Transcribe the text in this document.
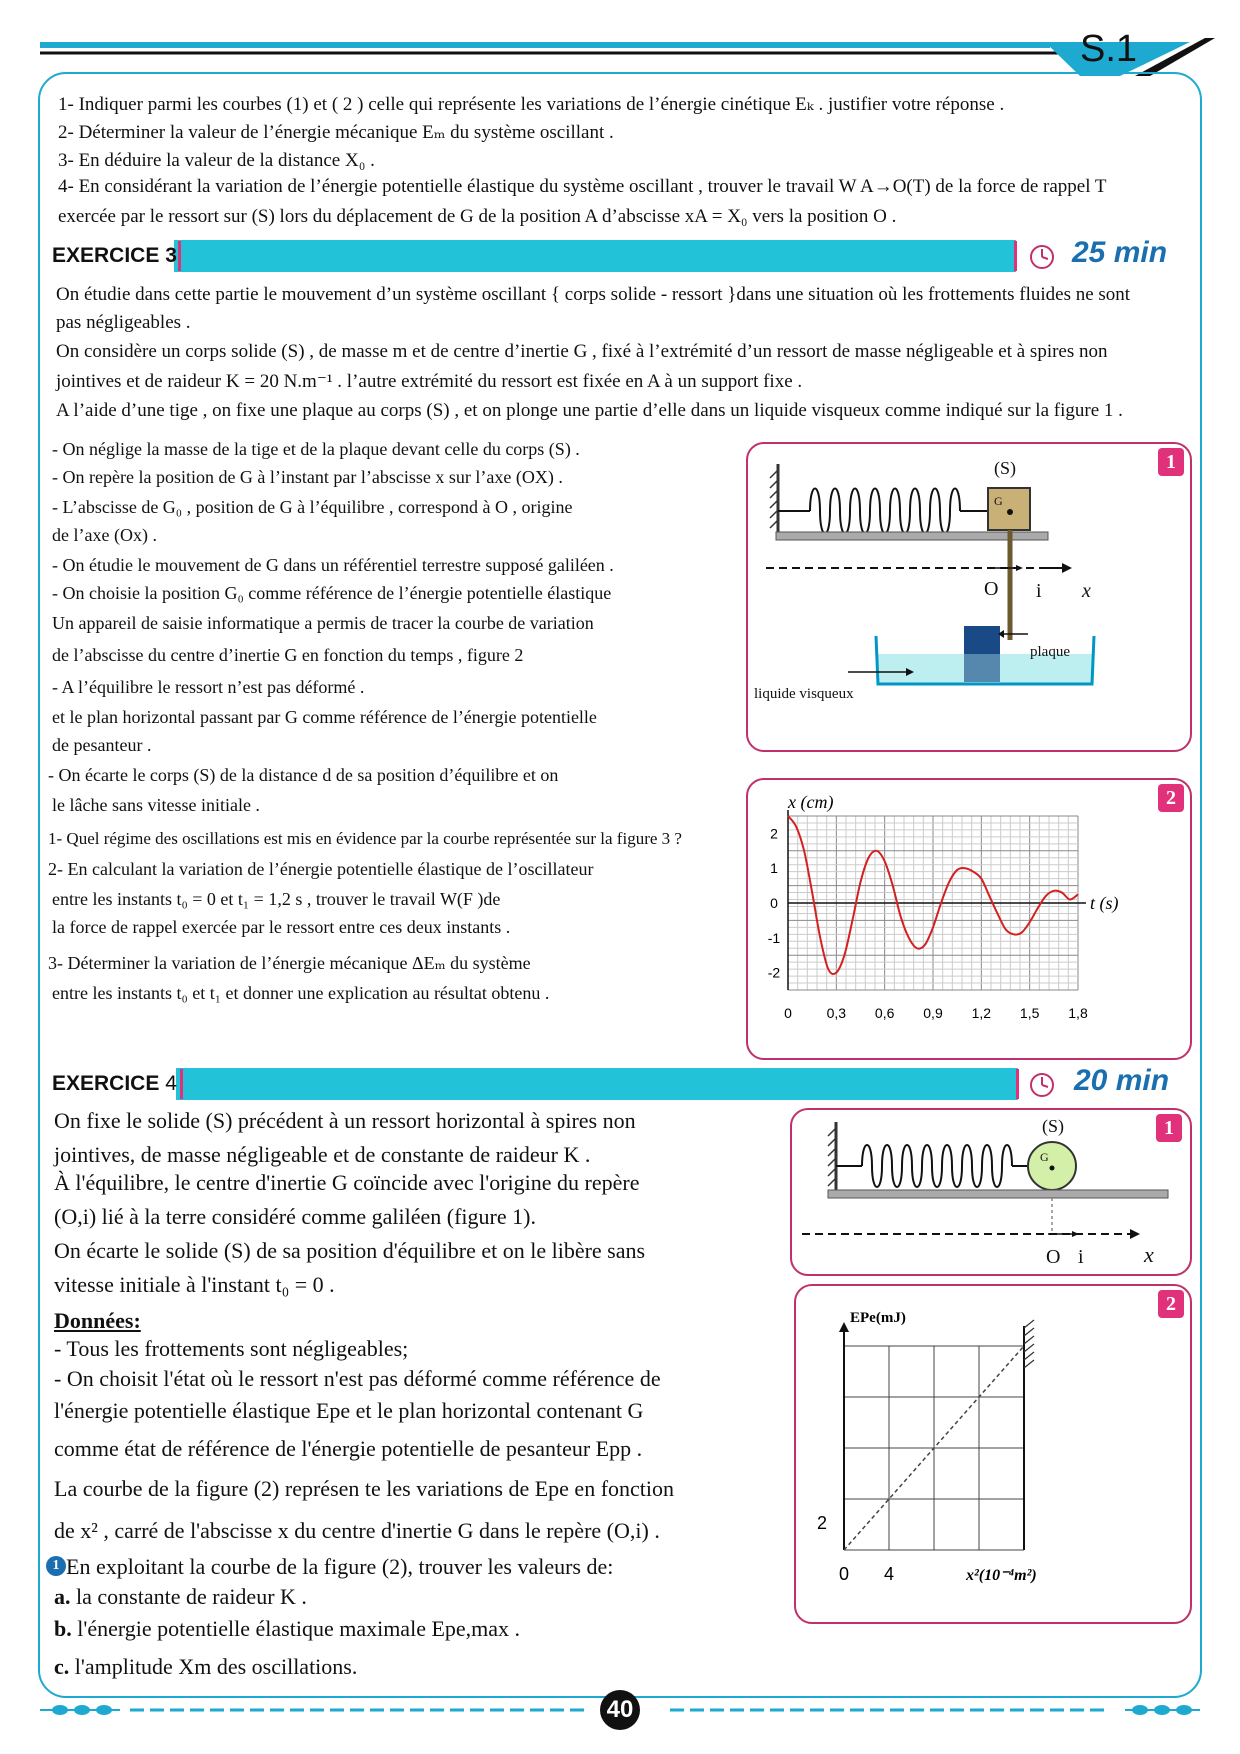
S.1
1- Indiquer parmi les courbes (1) et ( 2 ) celle qui représente les variations de l’énergie cinétique Eₖ . justifier votre réponse .
2- Déterminer la valeur de l’énergie mécanique Eₘ du système oscillant .
3- En déduire la valeur de la distance X₀ .
4- En considérant la variation de l’énergie potentielle élastique du système oscillant , trouver le travail W A→O(T) de la force de rappel T
exercée par le ressort sur (S) lors du déplacement de G de la position A d’abscisse xA = X₀ vers la position O .
EXERCICE 3	25 min
On étudie dans cette partie le mouvement d’un système oscillant { corps solide - ressort }dans une situation où les frottements fluides ne sont
pas négligeables .
On considère un corps solide (S) , de masse m et de centre d’inertie G , fixé à l’extrémité d’un ressort de masse négligeable et à spires non
jointives et de raideur K = 20 N.m⁻¹ . l’autre extrémité du ressort est fixée en A à un support fixe .
A l’aide d’une tige , on fixe une plaque au corps (S) , et on plonge une partie d’elle dans un liquide visqueux comme indiqué sur la figure 1 .
- On néglige la masse de la tige et de la plaque devant celle du corps (S) .
- On repère la position de G à l’instant par l’abscisse x sur l’axe (OX) .
- L’abscisse de G₀ , position de G à l’équilibre , correspond à O , origine
de l’axe (Ox) .
- On étudie le mouvement de G dans un référentiel terrestre supposé galiléen .
- On choisie la position G₀ comme référence de l’énergie potentielle élastique
Un appareil de saisie informatique a permis de tracer la courbe de variation
de l’abscisse du centre d’inertie G en fonction du temps , figure 2
- A l’équilibre le ressort n’est pas déformé .
et le plan horizontal passant par G comme référence de l’énergie potentielle
de pesanteur .
- On écarte le corps (S) de la distance d de sa position d’équilibre et on
le lâche sans vitesse initiale .
1- Quel régime des oscillations est mis en évidence par la courbe représentée sur la figure 3 ?
2- En calculant la variation de l’énergie potentielle élastique de l’oscillateur
entre les instants t₀ = 0 et t₁ = 1,2 s , trouver le travail W(F )de
la force de rappel exercée par le ressort entre ces deux instants .
3- Déterminer la variation de l’énergie mécanique ΔEₘ du système
entre les instants t₀ et t₁ et donner une explication au résultat obtenu .
(S)
G
O i x
plaque
liquide visqueux
1
0 0,3 0,6 0,9 1,2 1,5 1,8
2
1
0
-1
-2
x (cm)
t (s)
2
EXERCICE 4	20 min
On fixe le solide (S) précédent à un ressort horizontal à spires non
jointives, de masse négligeable et de constante de raideur K .
À l'équilibre, le centre d'inertie G coïncide avec l'origine du repère
(O,i) lié à la terre considéré comme galiléen (figure 1).
On écarte le solide (S) de sa position d'équilibre et on le libère sans
vitesse initiale à l'instant t₀ = 0 .
Données:
- Tous les frottements sont négligeables;
- On choisit l'état où le ressort n'est pas déformé comme référence de
l'énergie potentielle élastique Epe et le plan horizontal contenant G
comme état de référence de l'énergie potentielle de pesanteur Epp .
La courbe de la figure (2) représen te les variations de Epe en fonction
de x² , carré de l'abscisse x du centre d'inertie G dans le repère (O,i) .
1 En exploitant la courbe de la figure (2), trouver les valeurs de:
a. la constante de raideur K .
b. l'énergie potentielle élastique maximale Epe,max .
c. l'amplitude Xm des oscillations.
(S)
G
O i	x
1
0 4
2
EPe(mJ)
x²(10⁻⁴m²)
2
40
